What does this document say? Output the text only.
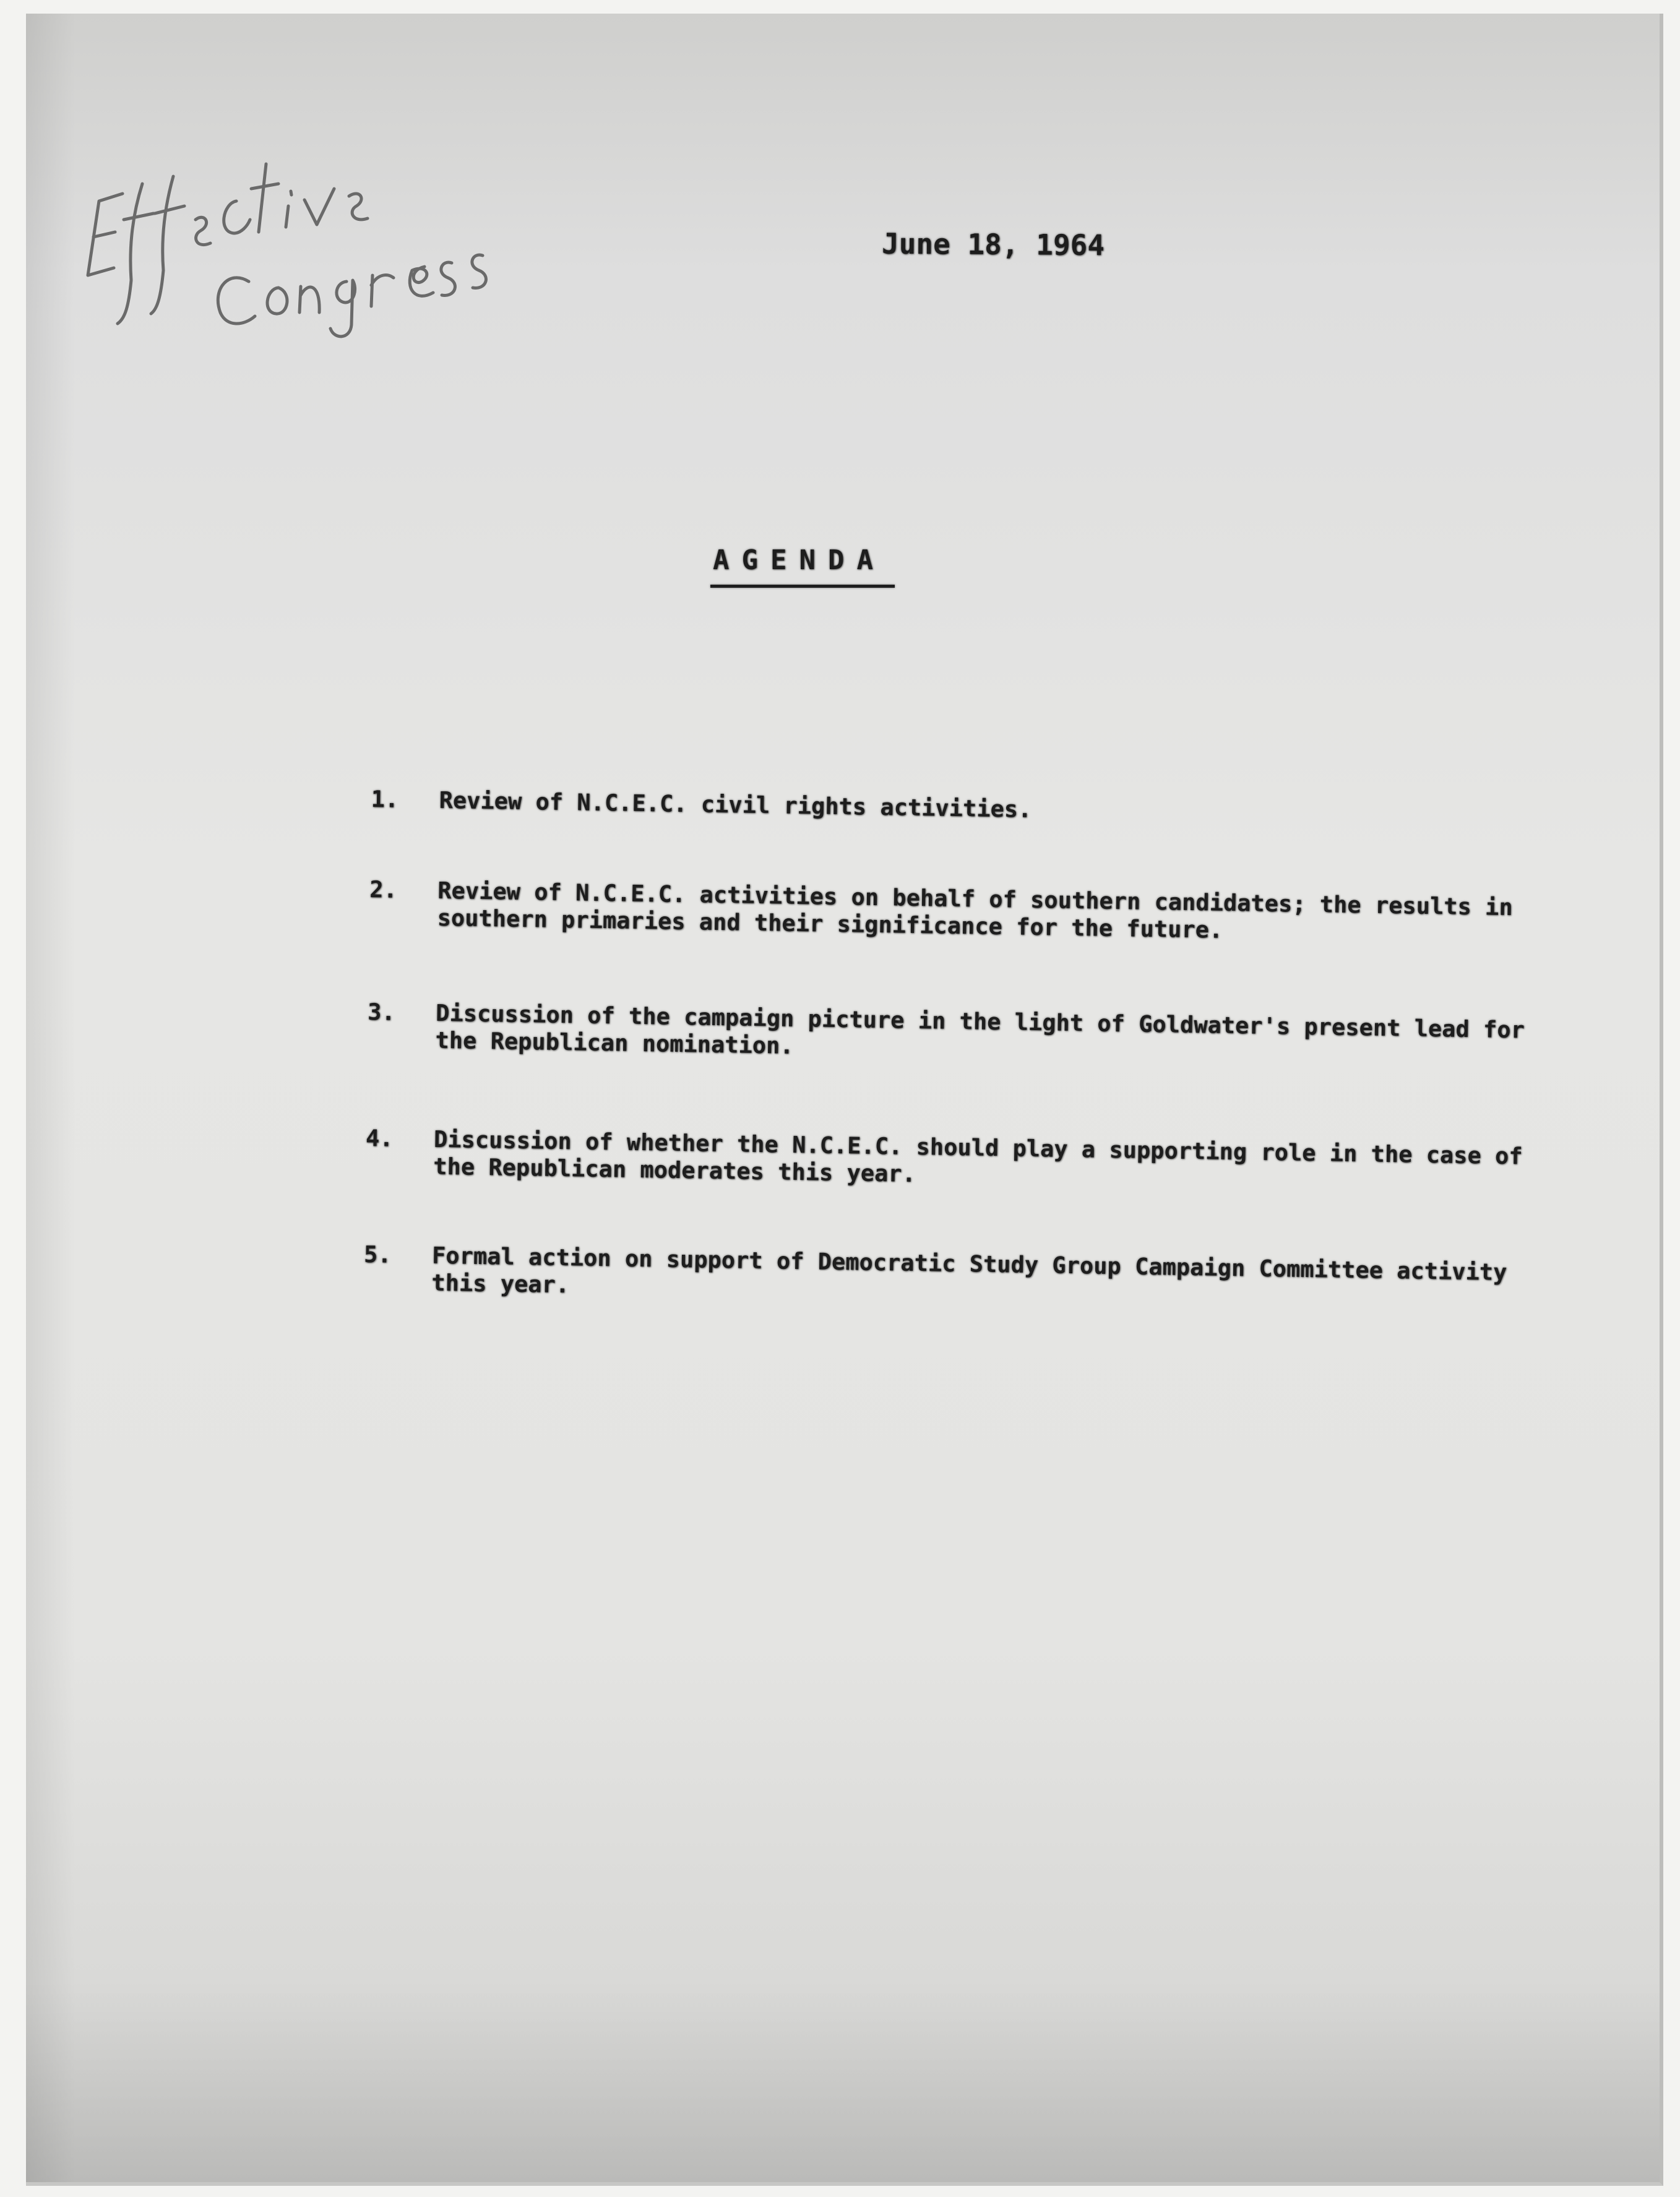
June 18, 1964
AGENDA
1. Review of N.C.E.C. civil rights activities.
2. Review of N.C.E.C. activities on behalf of southern candidates; the results in southern primaries and their significance for the future.
3. Discussion of the campaign picture in the light of Goldwater's present lead for the Republican nomination.
4. Discussion of whether the N.C.E.C. should play a supporting role in the case of the Republican moderates this year.
5. Formal action on support of Democratic Study Group Campaign Committee activity this year.
